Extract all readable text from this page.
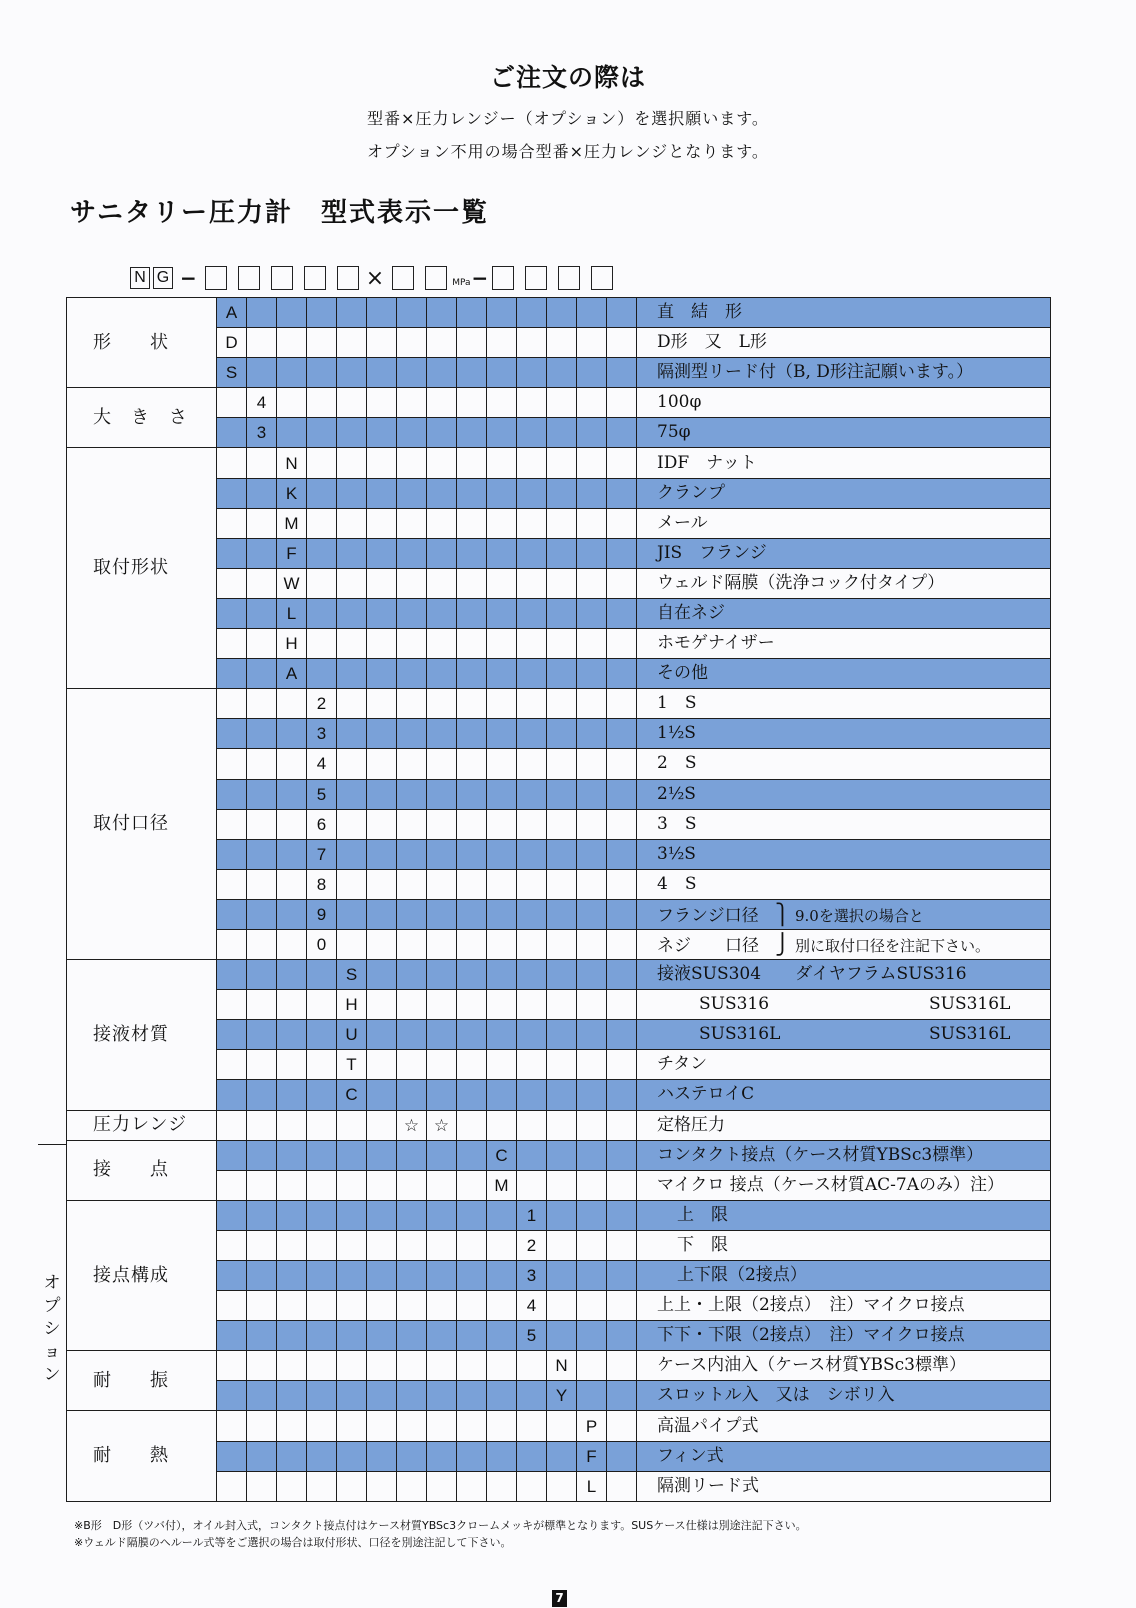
ご注文の際は
型番×圧力レンジー（オプション）を選択願います。
オプション不用の場合型番×圧力レンジとなります。
サニタリー圧力計　型式表示一覧
N G −	×	MPa −
形　　状	A														直　結　形
	D														D形　又　L形
	S														隔測型リード付（B, D形注記願います。）
大　き　さ		4													100φ
		3													75φ
取付形状			N												IDF　ナット
			K												クランプ
			M												メール
			F												JIS　フランジ
			W												ウェルド隔膜（洗浄コック付タイプ）
			L												自在ネジ
			H												ホモゲナイザー
			A												その他
取付口径				2											1　S
				3											1½S
				4											2　S
				5											2½S
				6											3　S
				7											3½S
				8											4　S
				9											フランジ口径 ⎫ 9.0を選択の場合と
				0											ネジ　　口径 ⎭ 別に取付口径を注記下さい。
接液材質					S										接液SUS304　　ダイヤフラムSUS316
					H										SUS316 SUS316L
					U										SUS316L SUS316L
					T										チタン
					C										ハステロイC
圧力レンジ							☆	☆							定格圧力
接　　点										C					コンタクト接点（ケース材質YBSc3標準）
										M					マイクロ 接点（ケース材質AC-7Aのみ）注）
接点構成											1				上　限
											2				下　限
											3				上下限（2接点）
											4				上上・上限（2接点）　注）マイクロ接点
											5				下下・下限（2接点）　注）マイクロ接点
耐　　振												N			ケース内油入（ケース材質YBSc3標準）
												Y			スロットル入　又は　シボリ入
耐　　熱													P		高温パイプ式
													F		フィン式
													L		隔測リード式
オプション
※B形　D形（ツバ付），オイル封入式，コンタクト接点付はケース材質YBSc3クロームメッキが標準となります。SUSケース仕様は別途注記下さい。
※ウェルド隔膜のヘルール式等をご選択の場合は取付形状、口径を別途注記して下さい。
7
